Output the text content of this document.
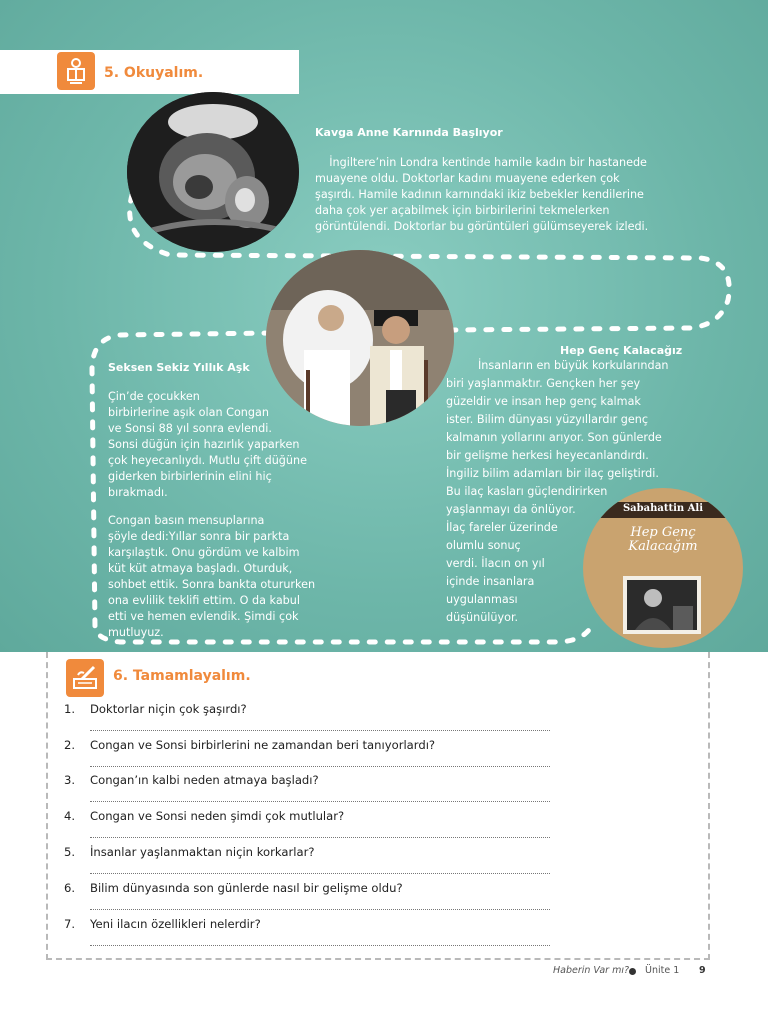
5. Okuyalım.
Kavga Anne Karnında Başlıyor

İngiltere’nin Londra kentinde hamile kadın bir hastanede

muayene oldu. Doktorlar kadını muayene ederken çok

şaşırdı. Hamile kadının karnındaki ikiz bebekler kendilerine

daha çok yer açabilmek için birbirilerini tekmelerken

görüntülendi. Doktorlar bu görüntüleri gülümseyerek izledi.

Seksen Sekiz Yıllık Aşk

Çin’de çocukken

birbirlerine aşık olan Congan

ve Sonsi 88 yıl sonra evlendi.

Sonsi düğün için hazırlık yaparken

çok heyecanlıydı. Mutlu çift düğüne

giderken birbirlerinin elini hiç

bırakmadı.

Congan basın mensuplarına

şöyle dedi:Yıllar sonra bir parkta

karşılaştık. Onu gördüm ve kalbim

küt küt atmaya başladı. Oturduk,

sohbet ettik. Sonra bankta otururken

ona evlilik teklifi ettim. O da kabul

etti ve hemen evlendik. Şimdi çok

mutluyuz.

Hep Genç Kalacağız

İnsanların en büyük korkularından

biri yaşlanmaktır. Gençken her şey

güzeldir ve insan hep genç kalmak

ister. Bilim dünyası yüzyıllardır genç

kalmanın yollarını arıyor. Son günlerde

bir gelişme herkesi heyecanlandırdı.

İngiliz bilim adamları bir ilaç geliştirdi.

Bu ilaç kasları güçlendirirken

yaşlanmayı da önlüyor.

İlaç fareler üzerinde

olumlu sonuç

verdi. İlacın on yıl

içinde insanlara

uygulanması

düşünülüyor.

Sabahattin Ali
Hep Genç
Kalacağım
6. Tamamlayalım.
1. Doktorlar niçin çok şaşırdı?
2. Congan ve Sonsi birbirlerini ne zamandan beri tanıyorlardı?
3. Congan’ın kalbi neden atmaya başladı?
4. Congan ve Sonsi neden şimdi çok mutlular?
5. İnsanlar yaşlanmaktan niçin korkarlar?
6. Bilim dünyasında son günlerde nasıl bir gelişme oldu?
7. Yeni ilacın özellikleri nelerdir?
Haberin Var mı? Ünite 1 9
